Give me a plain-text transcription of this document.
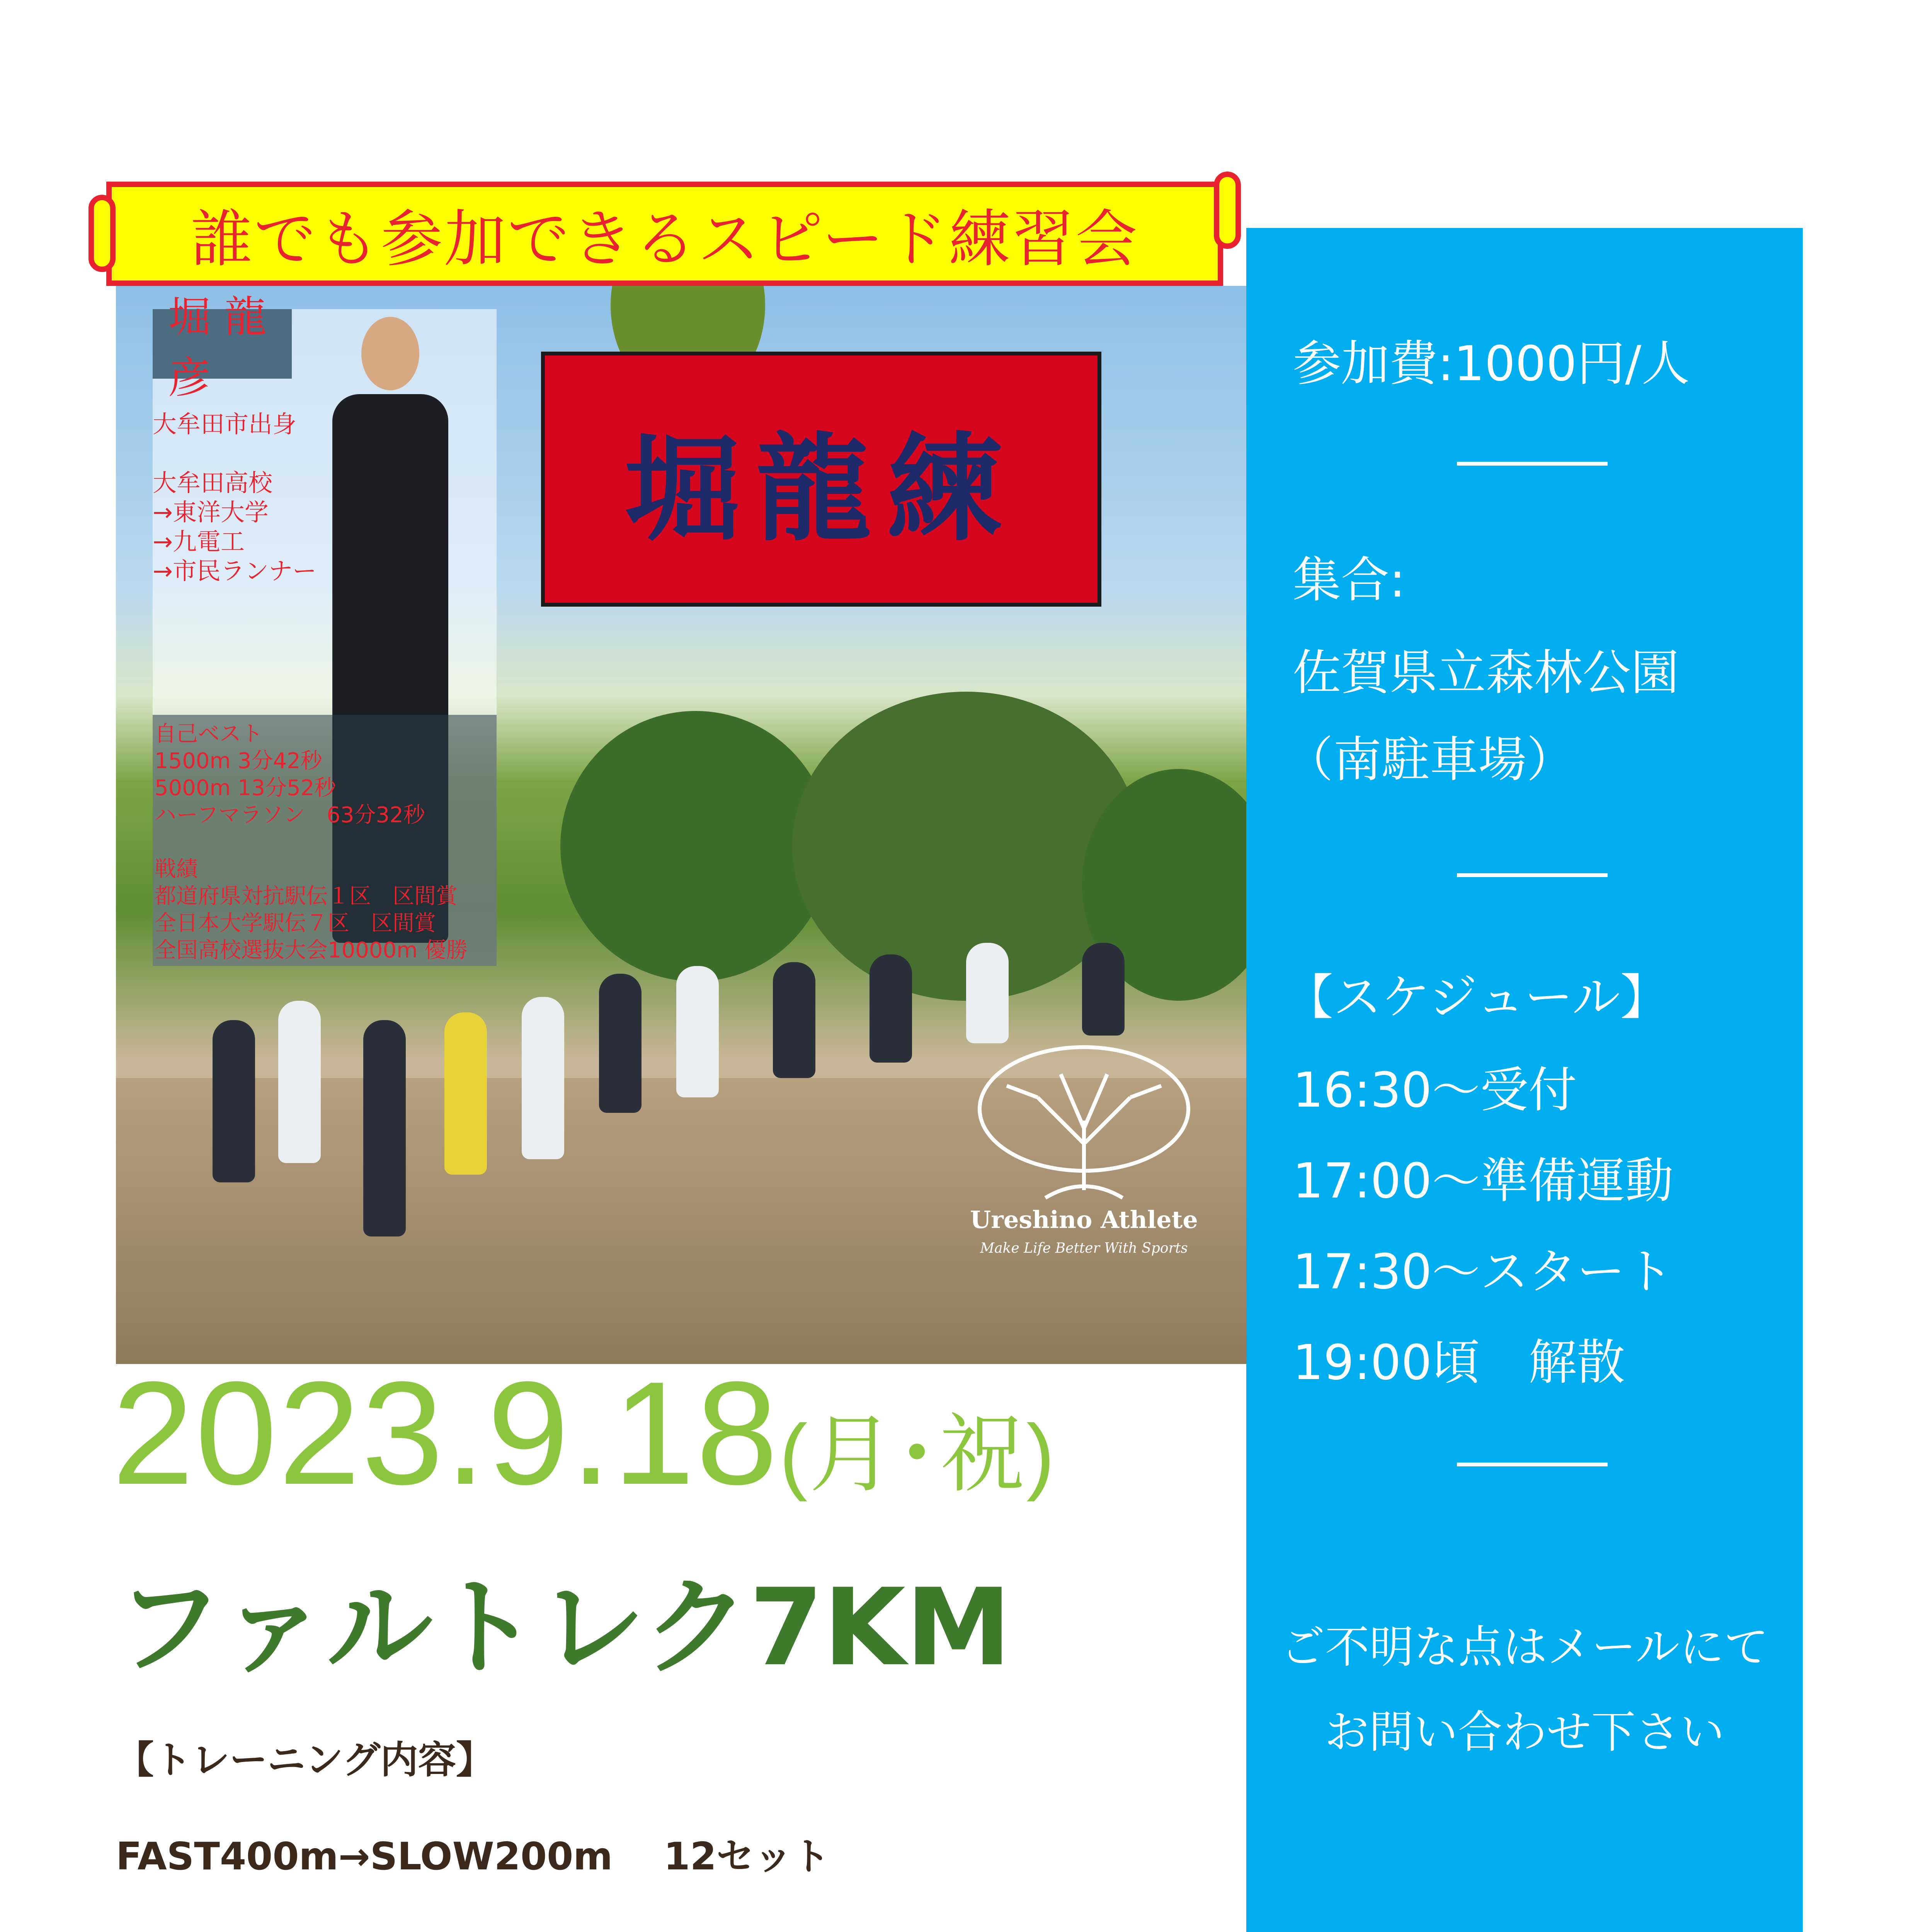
誰でも参加できるスピード練習会
堀 龍彦
大牟田市出身

大牟田高校
→東洋大学
→九電工
→市民ランナー
自己ベスト
1500m 3分42秒
5000m 13分52秒
ハーフマラソン　63分32秒

戦績
都道府県対抗駅伝１区　区間賞
全日本大学駅伝７区　区間賞
全国高校選抜大会10000m 優勝
堀龍練
Ureshino Athlete
Make Life Better With Sports
参加費:1000円/人
集合:
佐賀県立森林公園
（南駐車場）
【スケジュール】
16:30～受付
17:00～準備運動
17:30～スタート
19:00頃　解散
ご不明な点はメールにて
お問い合わせ下さい
2023.9.18(月･祝)
ファルトレク7KM
【トレーニング内容】
FAST400m→SLOW200m　 12セット
